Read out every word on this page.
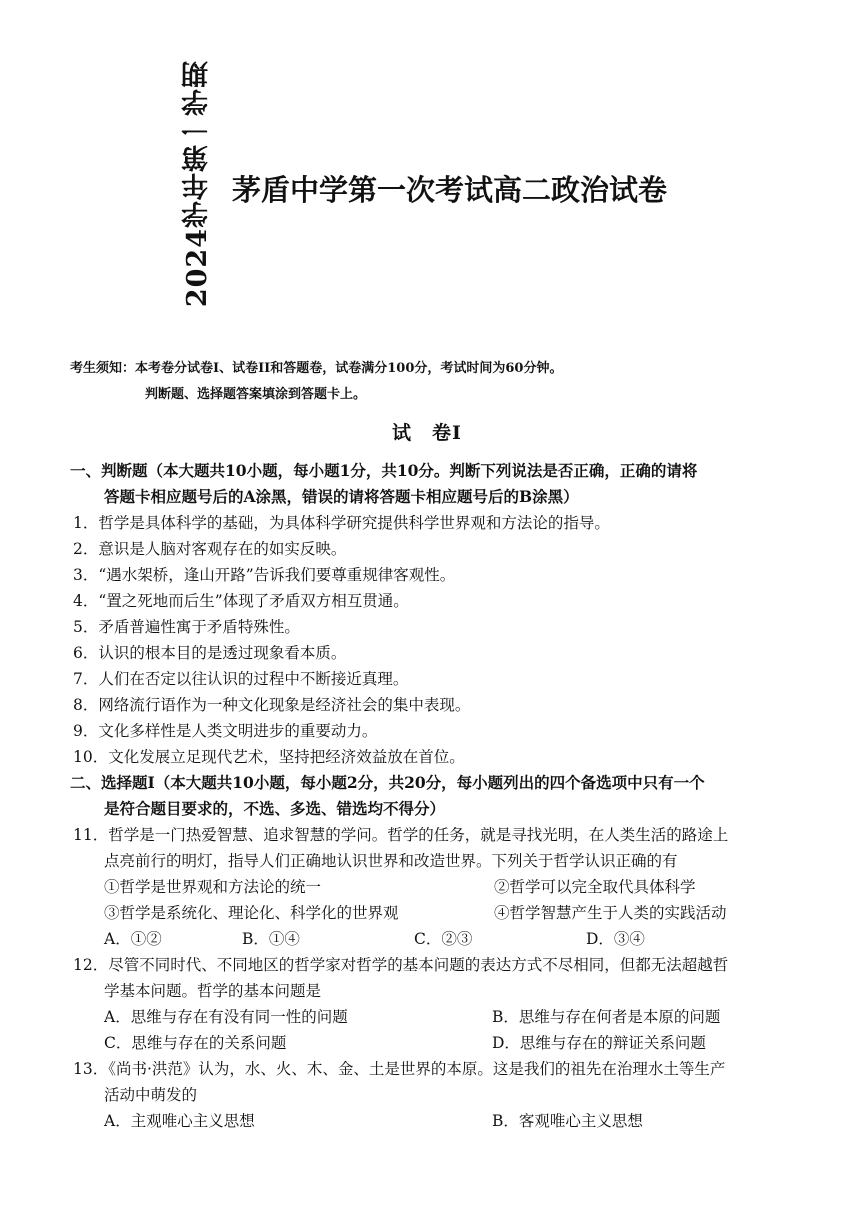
2024学年第一学期 茅盾中学第一次考试高二政治试卷
考生须知：本考卷分试卷I、试卷II和答题卷，试卷满分100分，考试时间为60分钟。
判断题、选择题答案填涂到答题卡上。
试　卷I
一、判断题（本大题共10小题，每小题1分，共10分。判断下列说法是否正确，正确的请将
答题卡相应题号后的A涂黑，错误的请将答题卡相应题号后的B涂黑）
1．哲学是具体科学的基础，为具体科学研究提供科学世界观和方法论的指导。
2．意识是人脑对客观存在的如实反映。
3．“遇水架桥，逢山开路”告诉我们要尊重规律客观性。
4．“置之死地而后生”体现了矛盾双方相互贯通。
5．矛盾普遍性寓于矛盾特殊性。
6．认识的根本目的是透过现象看本质。
7．人们在否定以往认识的过程中不断接近真理。
8．网络流行语作为一种文化现象是经济社会的集中表现。
9．文化多样性是人类文明进步的重要动力。
10．文化发展立足现代艺术，坚持把经济效益放在首位。
二、选择题I（本大题共10小题，每小题2分，共20分，每小题列出的四个备选项中只有一个
是符合题目要求的，不选、多选、错选均不得分）
11．哲学是一门热爱智慧、追求智慧的学问。哲学的任务，就是寻找光明，在人类生活的路途上
点亮前行的明灯，指导人们正确地认识世界和改造世界。下列关于哲学认识正确的有
①哲学是世界观和方法论的统一	②哲学可以完全取代具体科学
③哲学是系统化、理论化、科学化的世界观	④哲学智慧产生于人类的实践活动
A．①②	B．①④	C．②③	D．③④
12．尽管不同时代、不同地区的哲学家对哲学的基本问题的表达方式不尽相同，但都无法超越哲
学基本问题。哲学的基本问题是
A．思维与存在有没有同一性的问题	B．思维与存在何者是本原的问题
C．思维与存在的关系问题	D．思维与存在的辩证关系问题
13．《尚书·洪范》认为，水、火、木、金、土是世界的本原。这是我们的祖先在治理水土等生产
活动中萌发的
A．主观唯心主义思想	B．客观唯心主义思想
